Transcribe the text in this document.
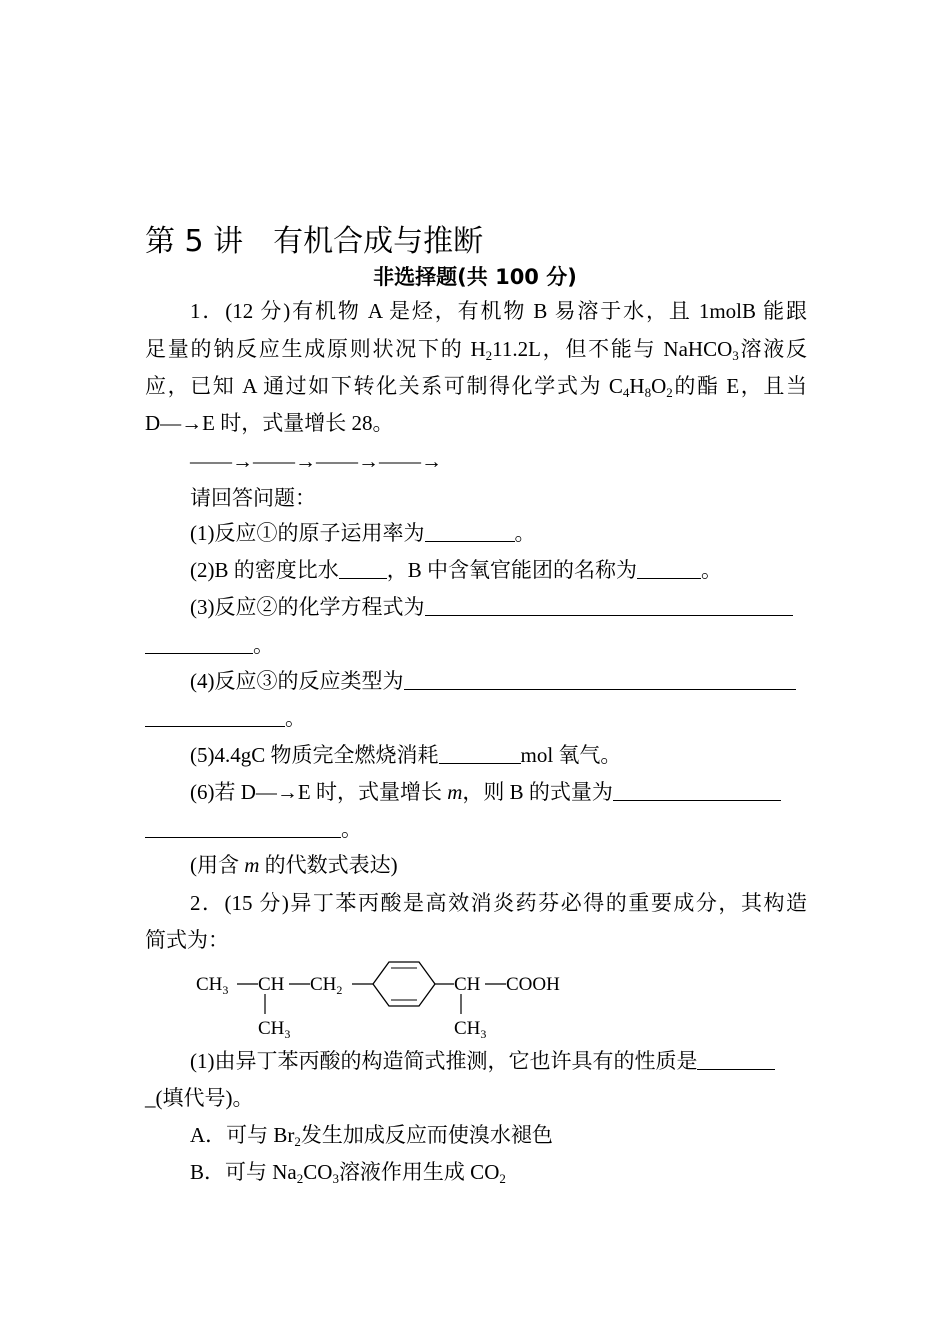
第 5 讲 有机合成与推断
非选择题(共 100 分)
1．(12 分)有机物 A 是烃，有机物 B 易溶于水，且 1molB 能跟
足量的钠反应生成原则状况下的 $H_211.2L$，但不能与 NaHCO$_3$溶液反
应，已知 A 通过如下转化关系可制得化学式为 $C_4H_8O_2$的酯 E，且当
D―→E 时，式量增长 28。
――→――→――→――→
请回答问题：
(1)反应①的原子运用率为	。
(2)B 的密度比水 ，B 中含氧官能团的名称为	。
(3)反应②的化学方程式为
。
(4)反应③的反应类型为
。
(5)4.4gC 物质完全燃烧消耗	mol 氧气。
(6)若 D―→E 时，式量增长 m，则 B 的式量为
。
(用含 m 的代数式表达)
2．(15 分)异丁苯丙酸是高效消炎药芬必得的重要成分，其构造
简式为：
$CH_3$ CH $CH_2$	CH COOH
$CH_3$	$CH_3$
(1)由异丁苯丙酸的构造简式推测，它也许具有的性质是
_(填代号)。
A．可与 $Br_2$发生加成反应而使溴水褪色
B．可与 $Na_2CO_3$溶液作用生成 $CO_2$
